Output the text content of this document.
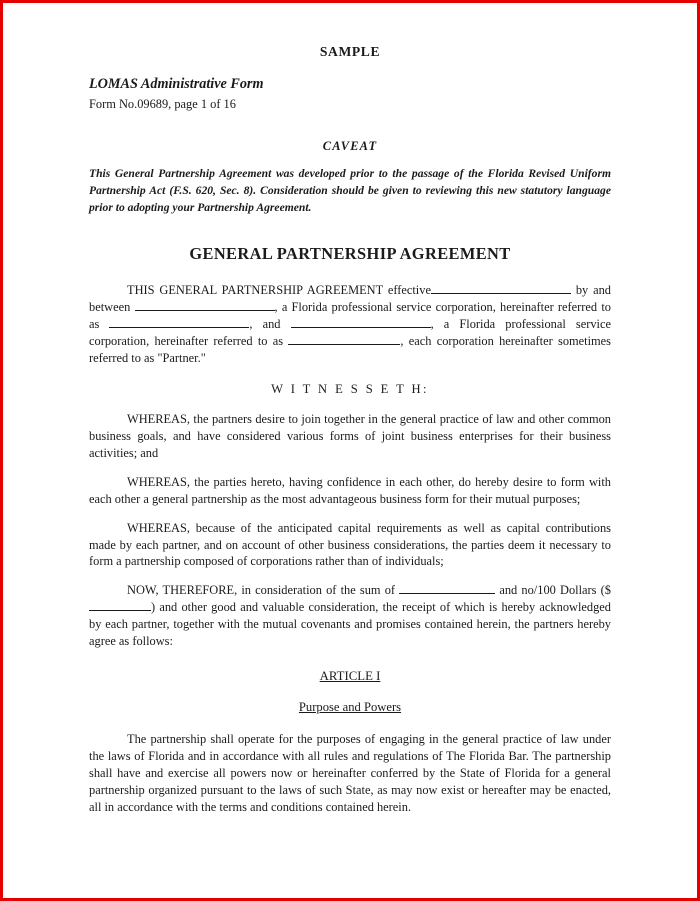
SAMPLE
LOMAS Administrative Form
Form No.09689, page 1 of 16
CAVEAT
This General Partnership Agreement was developed prior to the passage of the Florida Revised Uniform Partnership Act (F.S. 620, Sec. 8). Consideration should be given to reviewing this new statutory language prior to adopting your Partnership Agreement.
GENERAL PARTNERSHIP AGREEMENT

THIS GENERAL PARTNERSHIP AGREEMENT effective	by and between	, a Florida professional service corporation, hereinafter referred to as	, and	, a Florida professional service corporation, hereinafter referred to as	, each corporation hereinafter sometimes referred to as "Partner."

W I T N E S S E T H:

WHEREAS, the partners desire to join together in the general practice of law and other common business goals, and have considered various forms of joint business enterprises for their business activities; and

WHEREAS, the parties hereto, having confidence in each other, do hereby desire to form with each other a general partnership as the most advantageous business form for their mutual purposes;

WHEREAS, because of the anticipated capital requirements as well as capital contributions made by each partner, and on account of other business considerations, the parties deem it necessary to form a partnership composed of corporations rather than of individuals;

NOW, THEREFORE, in consideration of the sum of	and no/100 Dollars ($) and other good and valuable consideration, the receipt of which is hereby acknowledged by each partner, together with the mutual covenants and promises contained herein, the partners hereby agree as follows:

ARTICLE I
Purpose and Powers

The partnership shall operate for the purposes of engaging in the general practice of law under the laws of Florida and in accordance with all rules and regulations of The Florida Bar. The partnership shall have and exercise all powers now or hereinafter conferred by the State of Florida for a general partnership organized pursuant to the laws of such State, as may now exist or hereafter may be enacted, all in accordance with the terms and conditions contained herein.
